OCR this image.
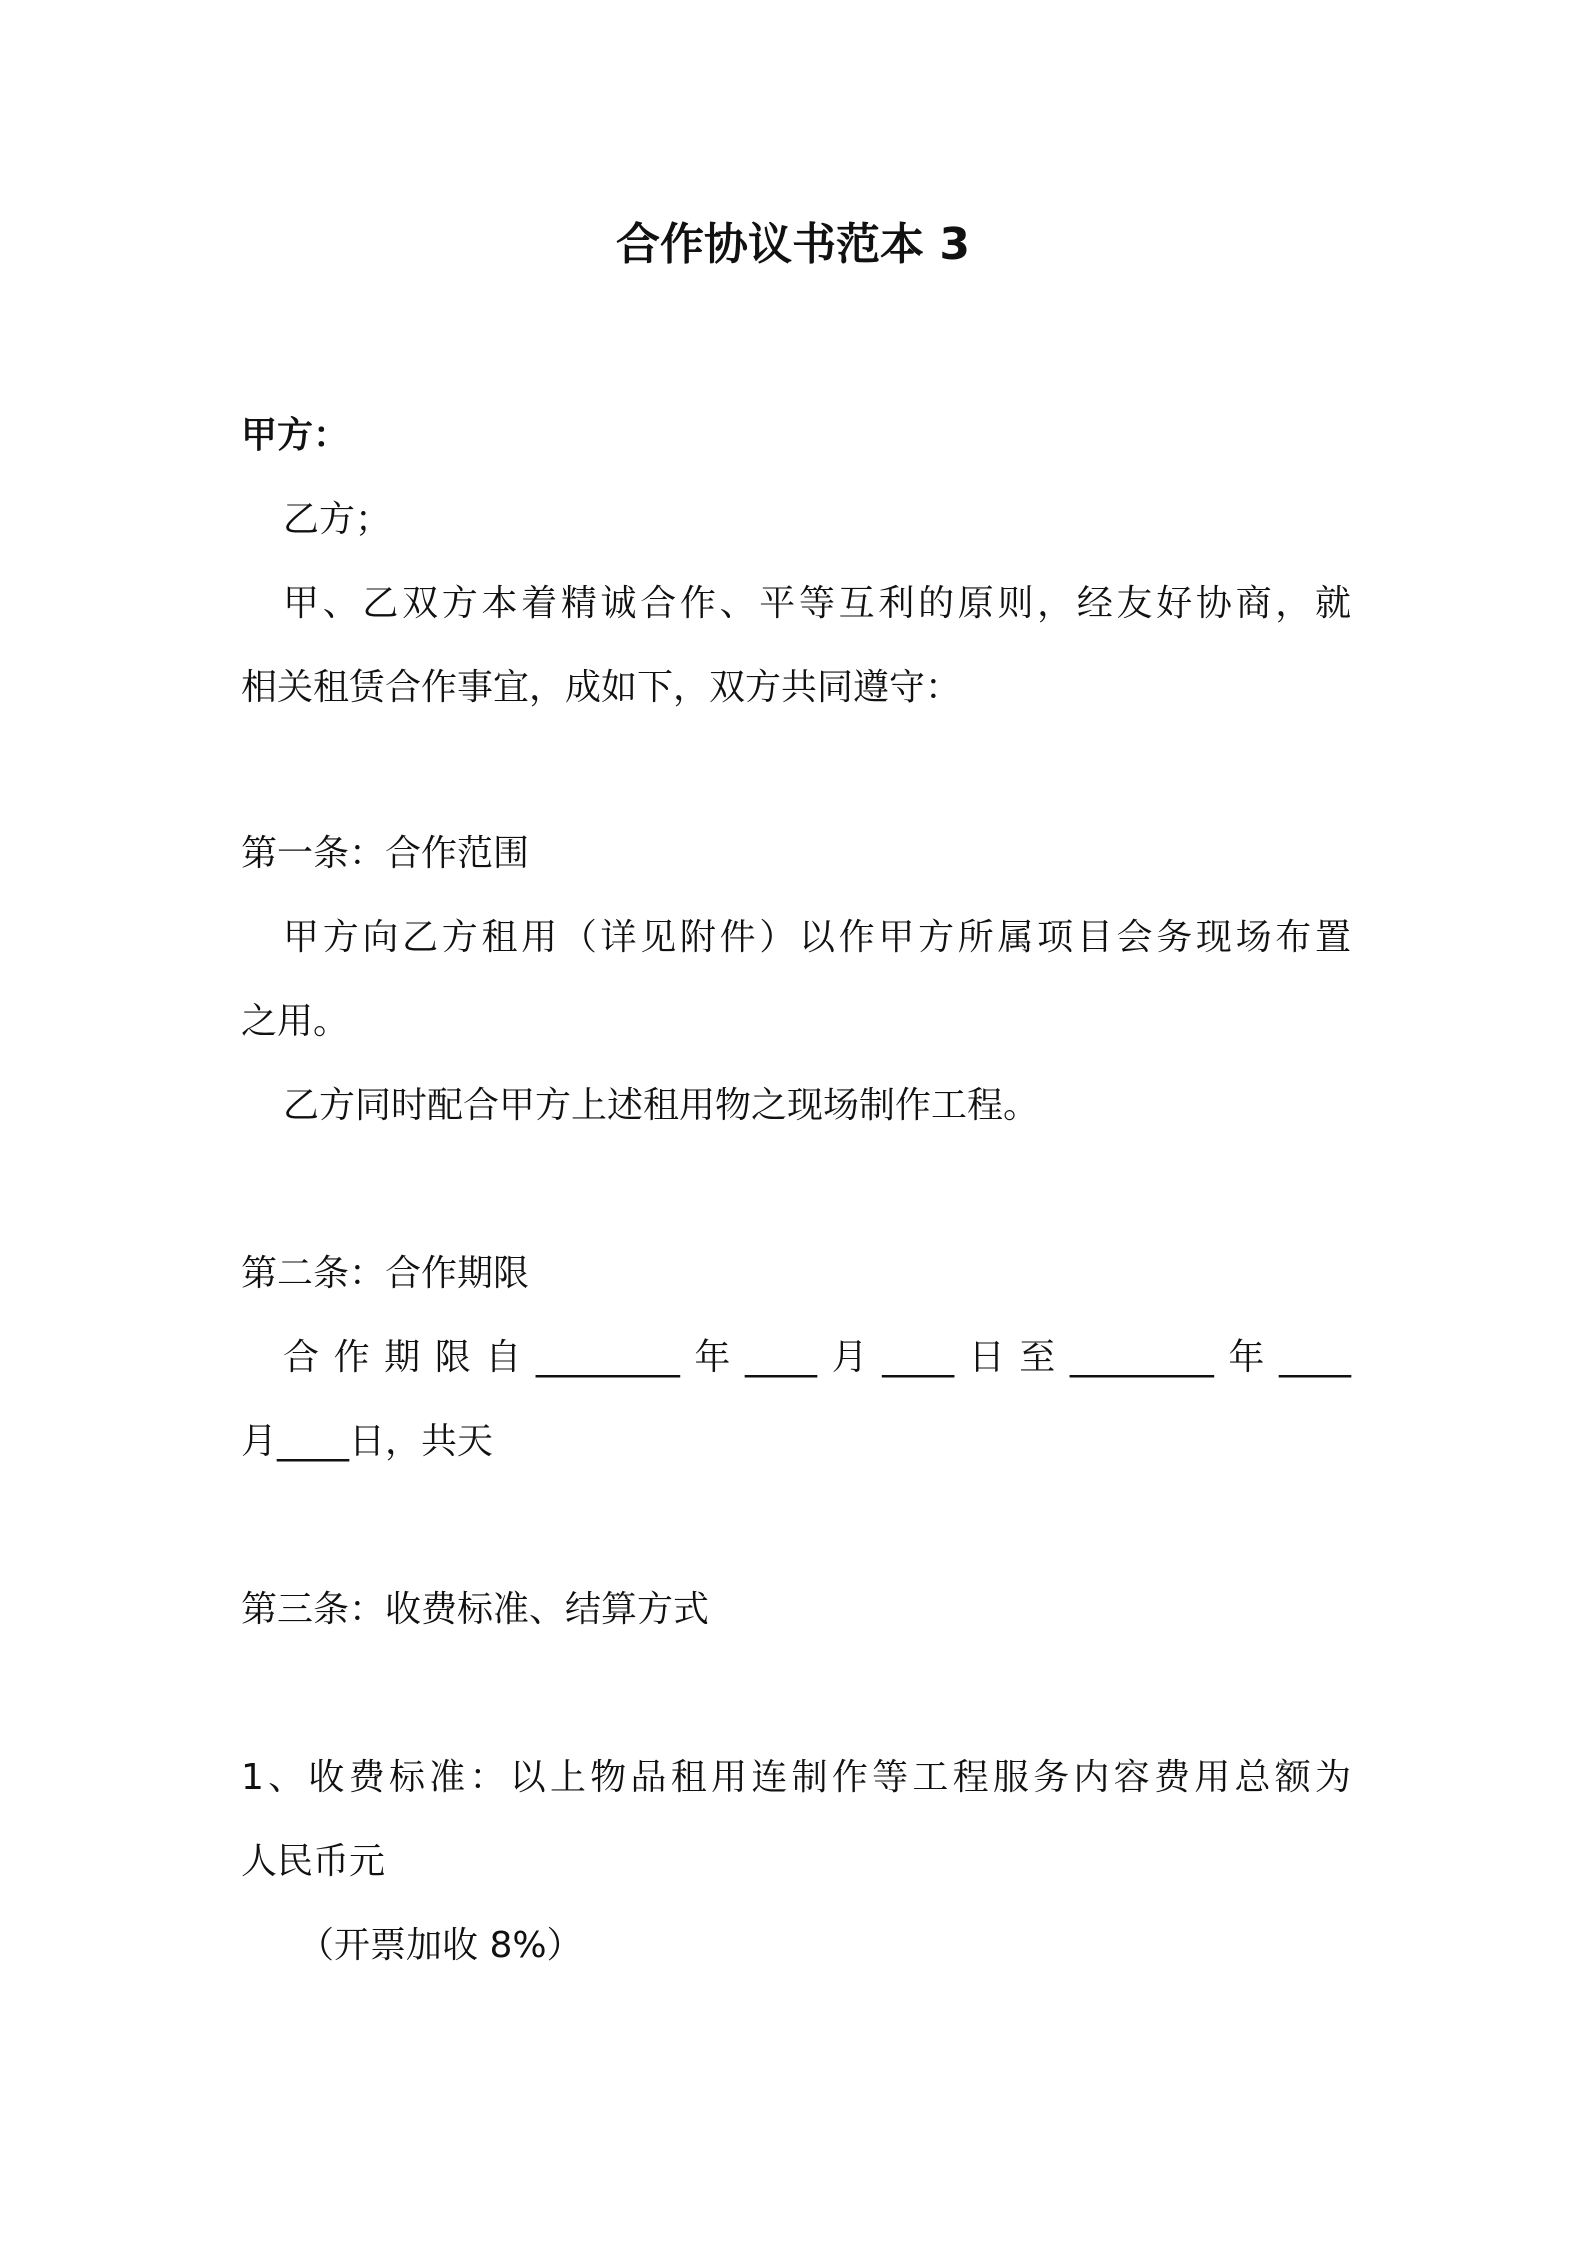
合作协议书范本 3
甲方：
乙方；
甲、乙双方本着精诚合作、平等互利的原则，经友好协商，就
相关租赁合作事宜，成如下，双方共同遵守：
第一条：合作范围
甲方向乙方租用（详见附件）以作甲方所属项目会务现场布置
之用。
乙方同时配合甲方上述租用物之现场制作工程。
第二条：合作期限
合作期限自________年____月____日至________年____
月____日，共天
第三条：收费标准、结算方式
1、收费标准：以上物品租用连制作等工程服务内容费用总额为
人民币元
（开票加收 8%）
